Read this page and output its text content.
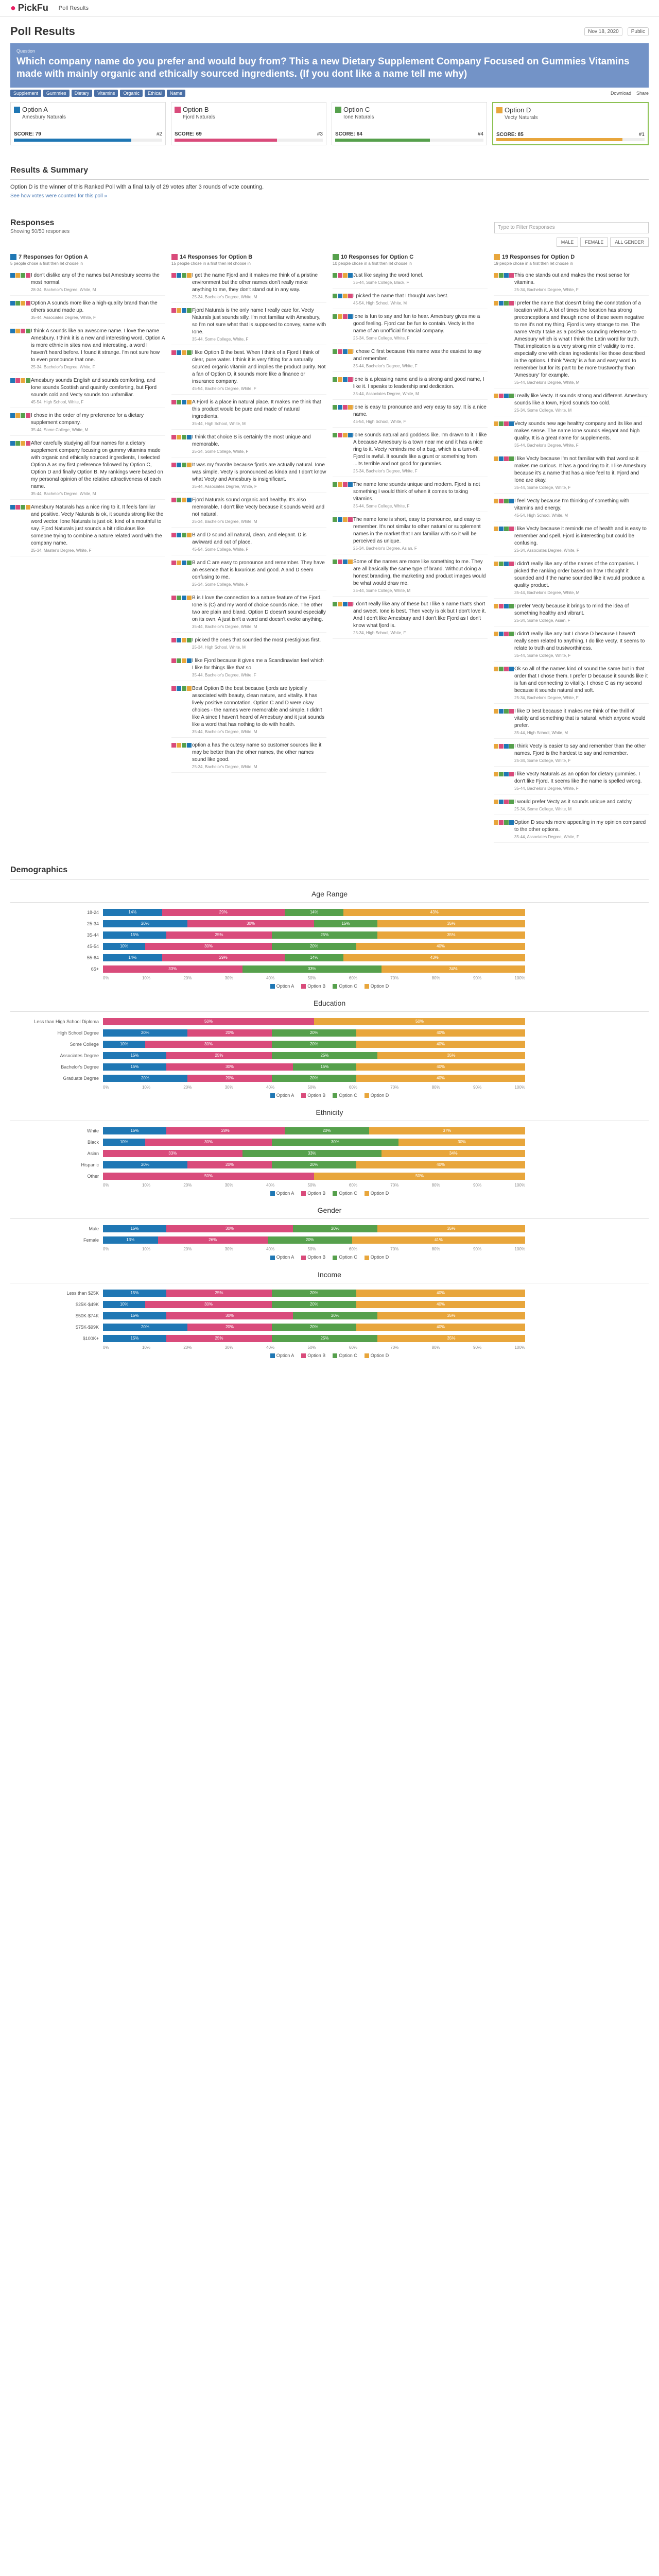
● PickFu Poll Results
Poll Results	Nov 18, 2020	Public
Question
Which company name do you prefer and would buy from? This a new Dietary Supplement Company Focused on Gummies Vitamins made with mainly organic and ethically sourced ingredients. (If you dont like a name tell me why)
Supplement	Gummies	Dietary	Vitamins	Organic	Ethical	Name	Download Share
Option A
Amesbury Naturals
SCORE: 79	#2
Option B
Fjord Naturals
SCORE: 69	#3
Option C
Ione Naturals
SCORE: 64	#4
Option D
Vecty Naturals
SCORE: 85	#1
Results & Summary

Option D is the winner of this Ranked Poll with a final tally of 29 votes after 3 rounds of vote counting.

See how votes were counted for this poll »
Responses
Showing 50/50 responses
Type to Filter Responses
MALE	FEMALE	ALL GENDER
7 Responses for Option A
5 people chose a first then let choose in
I don't dislike any of the names but Amesbury seems the most normal.
28-34, Bachelor's Degree, White, M
Option A sounds more like a high-quality brand than the others sound made up.
35-44, Associates Degree, White, F
I think A sounds like an awesome name. I love the name Amesbury. I think it is a new and interesting word. Option A is more ethnic in sites now and interesting, a word I haven't heard before. I found it strange. I'm not sure how to even pronounce that one.
25-34, Bachelor's Degree, White, F
Amesbury sounds English and sounds comforting, and Ione sounds Scottish and quaintly comforting, but Fjord sounds cold and Vecty sounds too unfamiliar.
45-54, High School, White, F
I chose in the order of my preference for a dietary supplement company.
35-44, Some College, White, M
After carefully studying all four names for a dietary supplement company focusing on gummy vitamins made with organic and ethically sourced ingredients, I selected Option A as my first preference followed by Option C, Option D and finally Option B. My rankings were based on my personal opinion of the relative attractiveness of each name.
35-44, Bachelor's Degree, White, M
Amesbury Naturals has a nice ring to it. It feels familiar and positive. Vecty Naturals is ok, it sounds strong like the word vector. Ione Naturals is just ok, kind of a mouthful to say. Fjord Naturals just sounds a bit ridiculous like someone trying to combine a nature related word with the company name.
25-34, Master's Degree, White, F
14 Responses for Option B
15 people chose in a first then let choose in
I get the name Fjord and it makes me think of a pristine environment but the other names don't really make anything to me, they don't stand out in any way.
25-34, Bachelor's Degree, White, M
Fjord Naturals is the only name I really care for. Vecty Naturals just sounds silly. I'm not familiar with Amesbury, so I'm not sure what that is supposed to convey, same with Ione.
35-44, Some College, White, F
I like Option B the best. When I think of a Fjord I think of clear, pure water. I think it is very fitting for a naturally sourced organic vitamin and implies the product purity. Not a fan of Option D, it sounds more like a finance or insurance company.
45-54, Bachelor's Degree, White, F
A Fjord is a place in natural place. It makes me think that this product would be pure and made of natural ingredients.
35-44, High School, White, M
I think that choice B is certainly the most unique and memorable.
25-34, Some College, White, F
It was my favorite because fjords are actually natural. Ione was simple. Vecty is pronounced as kinda and I don't know what Vecty and Amesbury is insignificant.
35-44, Associates Degree, White, F
Fjord Naturals sound organic and healthy. It's also memorable. I don't like Vecty because it sounds weird and not natural.
25-34, Bachelor's Degree, White, M
B and D sound all natural, clean, and elegant. D is awkward and out of place.
45-54, Some College, White, F
B and C are easy to pronounce and remember. They have an essence that is luxurious and good. A and D seem confusing to me.
25-34, Some College, White, F
B is I love the connection to a nature feature of the Fjord. Ione is (C) and my word of choice sounds nice. The other two are plain and bland. Option D doesn't sound especially on its own, A just isn't a word and doesn't evoke anything.
35-44, Bachelor's Degree, White, M
I picked the ones that sounded the most prestigious first.
25-34, High School, White, M
I like Fjord because it gives me a Scandinavian feel which I like for things like that so.
35-44, Bachelor's Degree, White, F
Best Option B the best because fjords are typically associated with beauty, clean nature, and vitality. It has lively positive connotation. Option C and D were okay choices - the names were memorable and simple. I didn't like A since I haven't heard of Amesbury and it just sounds like a word that has nothing to do with health.
35-44, Bachelor's Degree, White, M
option a has the cutesy name so customer sources like it may be better than the other names, the other names sound like good.
25-34, Bachelor's Degree, White, M
10 Responses for Option C
10 people chose in a first then let choose in
Just like saying the word Ionel.
35-44, Some College, Black, F
I picked the name that I thought was best.
45-54, High School, White, M
Ione is fun to say and fun to hear. Amesbury gives me a good feeling. Fjord can be fun to contain. Vecty is the name of an unofficial financial company.
25-34, Some College, White, F
I chose C first because this name was the easiest to say and remember.
35-44, Bachelor's Degree, White, F
Ione is a pleasing name and is a strong and good name, I like it. I speaks to leadership and dedication.
35-44, Associates Degree, White, M
Ione is easy to pronounce and very easy to say. It is a nice name.
45-54, High School, White, F
Ione sounds natural and goddess like. I'm drawn to it. I like A because Amesbury is a town near me and it has a nice ring to it. Vecty reminds me of a bug, which is a turn-off. Fjord is awful. It sounds like a grunt or something from ...its terrible and not good for gummies.
25-34, Bachelor's Degree, White, F
The name Ione sounds unique and modern. Fjord is not something I would think of when it comes to taking vitamins.
35-44, Some College, White, F
The name Ione is short, easy to pronounce, and easy to remember. It's not similar to other natural or supplement names in the market that I am familiar with so it will be perceived as unique.
25-34, Bachelor's Degree, Asian, F
Some of the names are more like something to me. They are all basically the same type of brand. Without doing a honest branding, the marketing and product images would be what would draw me.
35-44, Some College, White, M
I don't really like any of these but I like a name that's short and sweet. Ione is best. Then vecty is ok but I don't love it. And I don't like Amesbury and I don't like Fjord as I don't know what fjord is.
25-34, High School, White, F
19 Responses for Option D
19 people chose in a first then let choose in
This one stands out and makes the most sense for vitamins.
25-34, Bachelor's Degree, White, F
I prefer the name that doesn't bring the connotation of a location with it. A lot of times the location has strong preconceptions and though none of these seem negative to me it's not my thing. Fjord is very strange to me. The name Vecty I take as a positive sounding reference to Amesbury which is what I think the Latin word for truth. That implication is a very strong mix of validity to me, especially one with clean ingredients like those described in the options. I think 'Vecty' is a fun and easy word to remember but for its part to be more trustworthy than 'Amesbury' for example.
35-44, Bachelor's Degree, White, M
I really like Vecty. It sounds strong and different. Amesbury sounds like a town, Fjord sounds too cold.
25-34, Some College, White, M
Vecty sounds new age healthy company and its like and makes sense. The name Ione sounds elegant and high quality. It is a great name for supplements.
35-44, Bachelor's Degree, White, F
I like Vecty because I'm not familiar with that word so it makes me curious. It has a good ring to it. I like Amesbury because it's a name that has a nice feel to it. Fjord and Ione are okay.
35-44, Some College, White, F
I feel Vecty because I'm thinking of something with vitamins and energy.
45-54, High School, White, M
I like Vecty because it reminds me of health and is easy to remember and spell. Fjord is interesting but could be confusing.
25-34, Associates Degree, White, F
I didn't really like any of the names of the companies. I picked the ranking order based on how I thought it sounded and if the name sounded like it would produce a quality product.
35-44, Bachelor's Degree, White, M
I prefer Vecty because it brings to mind the idea of something healthy and vibrant.
25-34, Some College, Asian, F
I didn't really like any but I chose D because I haven't really seen related to anything. I do like vecty. It seems to relate to truth and trustworthiness.
35-44, Some College, White, F
Ok so all of the names kind of sound the same but in that order that I chose them. I prefer D because it sounds like it is fun and connecting to vitality. I chose C as my second because it sounds natural and soft.
25-34, Bachelor's Degree, White, F
I like D best because it makes me think of the thrill of vitality and something that is natural, which anyone would prefer.
35-44, High School, White, M
I think Vecty is easier to say and remember than the other names. Fjord is the hardest to say and remember.
25-34, Some College, White, F
I like Vecty Naturals as an option for dietary gummies. I don't like Fjord. It seems like the name is spelled wrong.
35-44, Bachelor's Degree, White, F
I would prefer Vecty as it sounds unique and catchy.
25-34, Some College, White, M
Option D sounds more appealing in my opinion compared to the other options.
35-44, Associates Degree, White, F
Demographics
Age Range
18-24	14%	29%	14%	43%
25-34	20%	30%	15%	35%
35-44	15%	25%	25%	35%
45-54	10%	30%	20%	40%
55-64	14%	29%	14%	43%
65+	33%	33%	34%
0%	10%	20%	30%	40%	50%	60%	70%	80%	90%	100%
Option A	Option B	Option C	Option D
Education
Less than High School Diploma	50%	50%
High School Degree	20%	20%	20%	40%
Some College	10%	30%	20%	40%
Associates Degree	15%	25%	25%	35%
Bachelor's Degree	15%	30%	15%	40%
Graduate Degree	20%	20%	20%	40%
0%	10%	20%	30%	40%	50%	60%	70%	80%	90%	100%
Option A	Option B	Option C	Option D
Ethnicity
White	15%	28%	20%	37%
Black	10%	30%	30%	30%
Asian	33%	33%	34%
Hispanic	20%	20%	20%	40%
Other	50%	50%
0%	10%	20%	30%	40%	50%	60%	70%	80%	90%	100%
Option A	Option B	Option C	Option D
Gender
Male	15%	30%	20%	35%
Female	13%	26%	20%	41%
0%	10%	20%	30%	40%	50%	60%	70%	80%	90%	100%
Option A	Option B	Option C	Option D
Income
Less than $25K	15%	25%	20%	40%
$25K-$49K	10%	30%	20%	40%
$50K-$74K	15%	30%	20%	35%
$75K-$99K	20%	20%	20%	40%
$100K+	15%	25%	25%	35%
0%	10%	20%	30%	40%	50%	60%	70%	80%	90%	100%
Option A	Option B	Option C	Option D
